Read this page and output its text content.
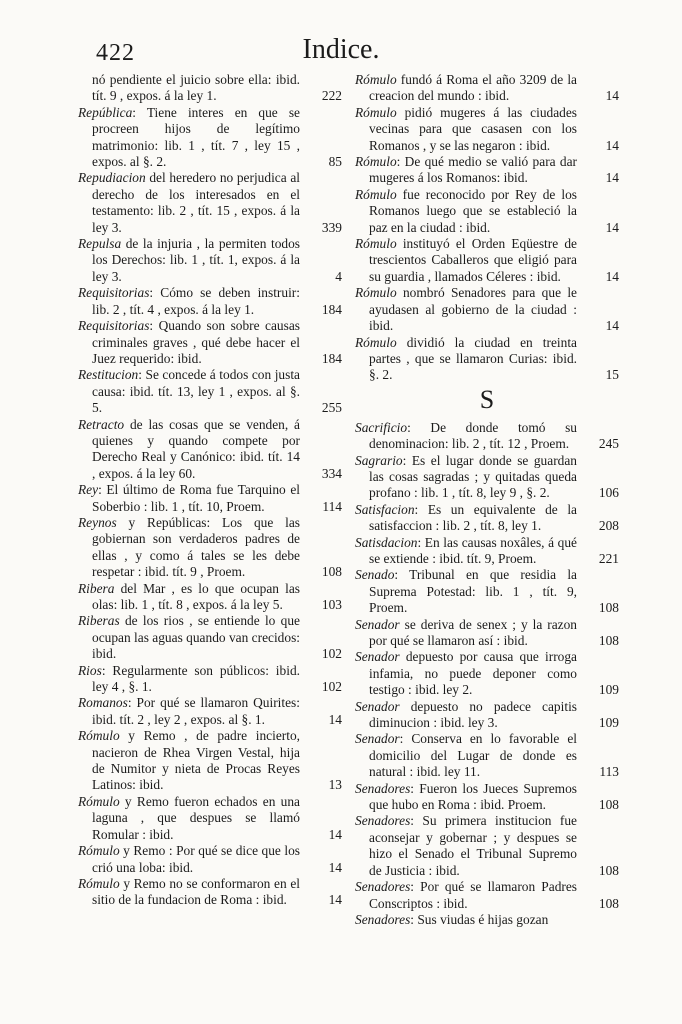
422	Indice.
nó pendiente el juicio sobre ella: ibid. tít. 9 , expos. á la ley 1.	222
República: Tiene interes en que se procreen hijos de legítimo matrimonio: lib. 1 , tít. 7 , ley 15 , expos. al §. 2.	85
Repudiacion del heredero no perjudica al derecho de los interesados en el testamento: lib. 2 , tít. 15 , expos. á la ley 3.	339
Repulsa de la injuria , la permiten todos los Derechos: lib. 1 , tít. 1, expos. á la ley 3.	4
Requisitorias: Cómo se deben instruir: lib. 2 , tít. 4 , expos. á la ley 1.	184
Requisitorias: Quando son sobre causas criminales graves , qué debe hacer el Juez requerido: ibid.	184
Restitucion: Se concede á todos con justa causa: ibid. tít. 13, ley 1 , expos. al §. 5.	255
Retracto de las cosas que se venden, á quienes y quando compete por Derecho Real y Canónico: ibid. tít. 14 , expos. á la ley 60.	334
Rey: El último de Roma fue Tarquino el Soberbio : lib. 1 , tít. 10, Proem.	114
Reynos y Repúblicas: Los que las gobiernan son verdaderos padres de ellas , y como á tales se les debe respetar : ibid. tít. 9 , Proem.	108
Ribera del Mar , es lo que ocupan las olas: lib. 1 , tít. 8 , expos. á la ley 5.	103
Riberas de los rios , se entiende lo que ocupan las aguas quando van crecidos: ibid.	102
Rios: Regularmente son públicos: ibid. ley 4 , §. 1.	102
Romanos: Por qué se llamaron Quirites: ibid. tít. 2 , ley 2 , expos. al §. 1.	14
Rómulo y Remo , de padre incierto, nacieron de Rhea Virgen Vestal, hija de Numitor y nieta de Procas Reyes Latinos: ibid.	13
Rómulo y Remo fueron echados en una laguna , que despues se llamó Romular : ibid.	14
Rómulo y Remo : Por qué se dice que los crió una loba: ibid.	14
Rómulo y Remo no se conformaron en el sitio de la fundacion de Roma : ibid.	14
Rómulo fundó á Roma el año 3209 de la creacion del mundo : ibid.	14
Rómulo pidió mugeres á las ciudades vecinas para que casasen con los Romanos , y se las negaron : ibid.	14
Rómulo: De qué medio se valió para dar mugeres á los Romanos: ibid.	14
Rómulo fue reconocido por Rey de los Romanos luego que se estableció la paz en la ciudad : ibid.	14
Rómulo instituyó el Orden Eqüestre de trescientos Caballeros que eligió para su guardia , llamados Céleres : ibid.	14
Rómulo nombró Senadores para que le ayudasen al gobierno de la ciudad : ibid.	14
Rómulo dividió la ciudad en treinta partes , que se llamaron Curias: ibid. §. 2.	15
S
Sacrificio: De donde tomó su denominacion: lib. 2 , tít. 12 , Proem. 245
Sagrario: Es el lugar donde se guardan las cosas sagradas ; y quitadas queda profano : lib. 1 , tít. 8, ley 9 , §. 2.	106
Satisfacion: Es un equivalente de la satisfaccion : lib. 2 , tít. 8, ley 1.	208
Satisdacion: En las causas noxâles, á qué se extiende : ibid. tít. 9, Proem.	221
Senado: Tribunal en que residia la Suprema Potestad: lib. 1 , tít. 9, Proem.	108
Senador se deriva de senex ; y la razon por qué se llamaron así : ibid.	108
Senador depuesto por causa que irroga infamia, no puede deponer como testigo : ibid. ley 2.	109
Senador depuesto no padece capitis diminucion : ibid. ley 3.	109
Senador: Conserva en lo favorable el domicilio del Lugar de donde es natural : ibid. ley 11.	113
Senadores: Fueron los Jueces Supremos que hubo en Roma : ibid. Proem.	108
Senadores: Su primera institucion fue aconsejar y gobernar ; y despues se hizo el Senado el Tribunal Supremo de Justicia : ibid.	108
Senadores: Por qué se llamaron Padres Conscriptos : ibid.	108
Senadores: Sus viudas é hijas gozan
